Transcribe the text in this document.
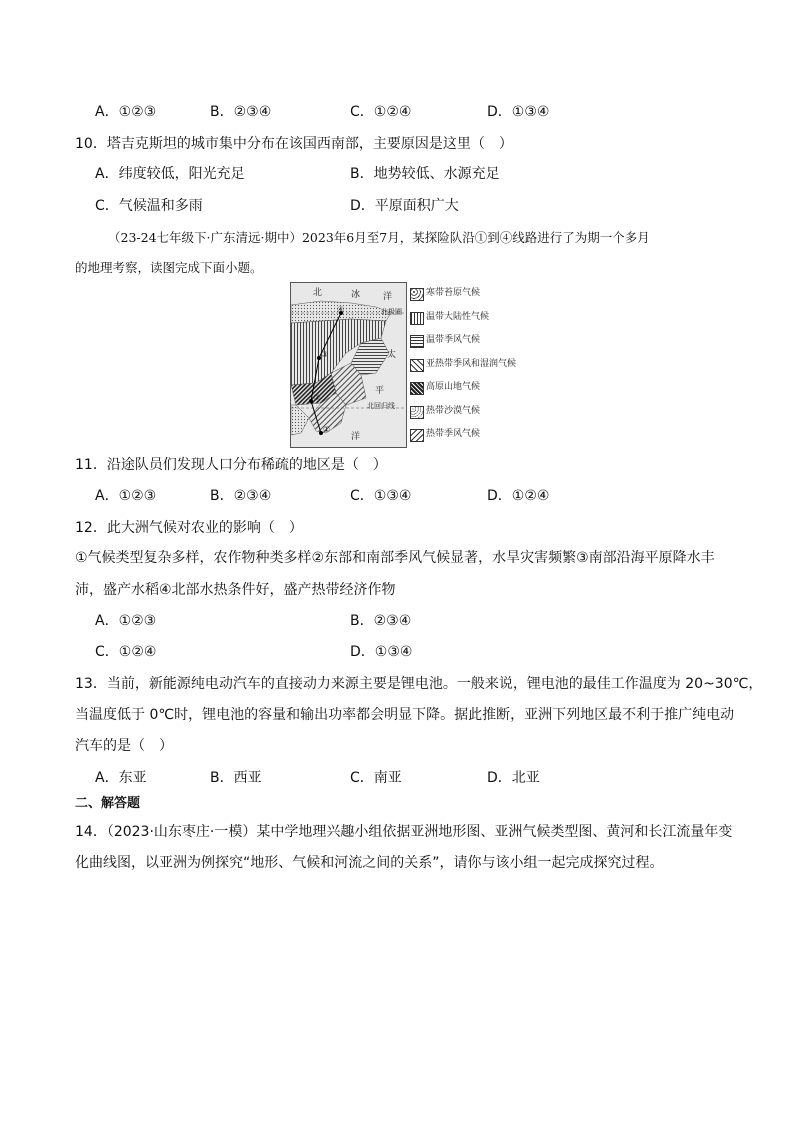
A．①②③	B．②③④	C．①②④	D．①③④
10．塔吉克斯坦的城市集中分布在该国西南部，主要原因是这里（　）
A．纬度较低，阳光充足	B．地势较低、水源充足
C．气候温和多雨	D．平原面积广大
（23-24七年级下·广东清远·期中）2023年6月至7月，某探险队沿①到④线路进行了为期一个多月
的地理考察，读图完成下面小题。
北	冰	洋
北极圈
太
平
北回归线
洋
①
②
③
④
寒带苔原气候
温带大陆性气候
温带季风气候
亚热带季风和湿润气候
高原山地气候
热带沙漠气候
热带季风气候
11．沿途队员们发现人口分布稀疏的地区是（　）
A．①②③	B．②③④	C．①③④	D．①②④
12．此大洲气候对农业的影响（　）
①气候类型复杂多样，农作物种类多样②东部和南部季风气候显著，水旱灾害频繁③南部沿海平原降水丰
沛，盛产水稻④北部水热条件好，盛产热带经济作物
A．①②③	B．②③④
C．①②④	D．①③④
13．当前，新能源纯电动汽车的直接动力来源主要是锂电池。一般来说，锂电池的最佳工作温度为 20~30℃，
当温度低于 0℃时，锂电池的容量和输出功率都会明显下降。据此推断，亚洲下列地区最不利于推广纯电动
汽车的是（　）
A．东亚	B．西亚	C．南亚	D．北亚
二、解答题
14．（2023·山东枣庄·一模）某中学地理兴趣小组依据亚洲地形图、亚洲气候类型图、黄河和长江流量年变
化曲线图，以亚洲为例探究“地形、气候和河流之间的关系”，请你与该小组一起完成探究过程。
